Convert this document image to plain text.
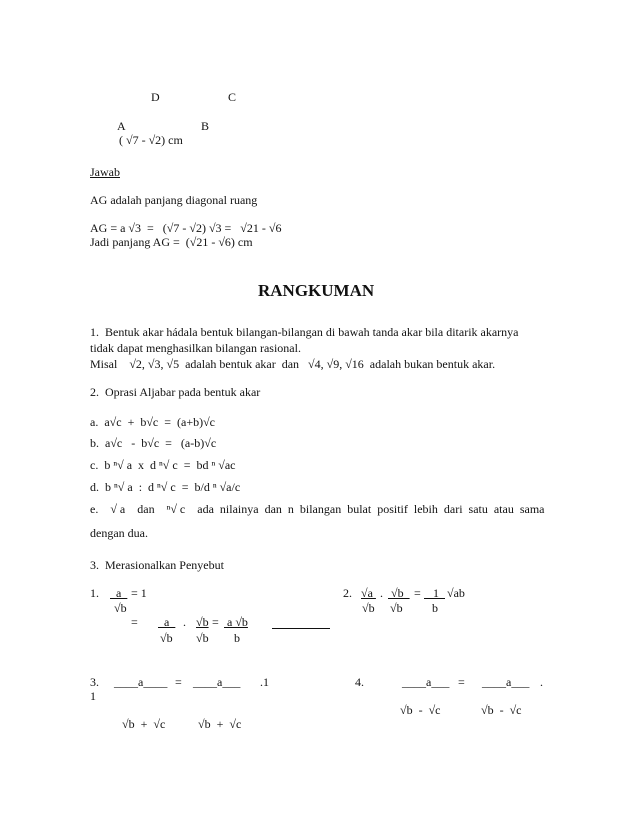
D	C
A	B
( √7 - √2) cm
Jawab
AG adalah panjang diagonal ruang
AG = a √3  =   (√7 - √2) √3 =   √21 - √6
Jadi panjang AG =  (√21 - √6) cm
RANGKUMAN
1.  Bentuk akar hádala bentuk bilangan-bilangan di bawah tanda akar bila ditarik akarnya
tidak dapat menghasilkan bilangan rasional.
Misal    √2, √3, √5  adalah bentuk akar  dan   √4, √9, √16  adalah bukan bentuk akar.
2.  Oprasi Aljabar pada bentuk akar
a.  a√c  +  b√c  =  (a+b)√c
b.  a√c   -  b√c  =   (a-b)√c
c.  b ⁿ√ a  x  d ⁿ√ c  =  bd ⁿ √ac
d.  b ⁿ√ a  :  d ⁿ√ c  =  b/d ⁿ √a/c
e.    √ a    dan    ⁿ√ c    ada  nilainya  dan  n  bilangan  bulat  positif  lebih  dari  satu  atau  sama
dengan dua.
3.  Merasionalkan Penyebut
1. a = 1
√b
= a . √b = a √b
√b √b b
2. √a . √b = 1 √ab
√b √b b
3. ____a____ = ____a___ .1
1
√b  +  √c	√b  +  √c
4.	____a___ = ____a___ .
√b  -  √c	√b  -  √c
